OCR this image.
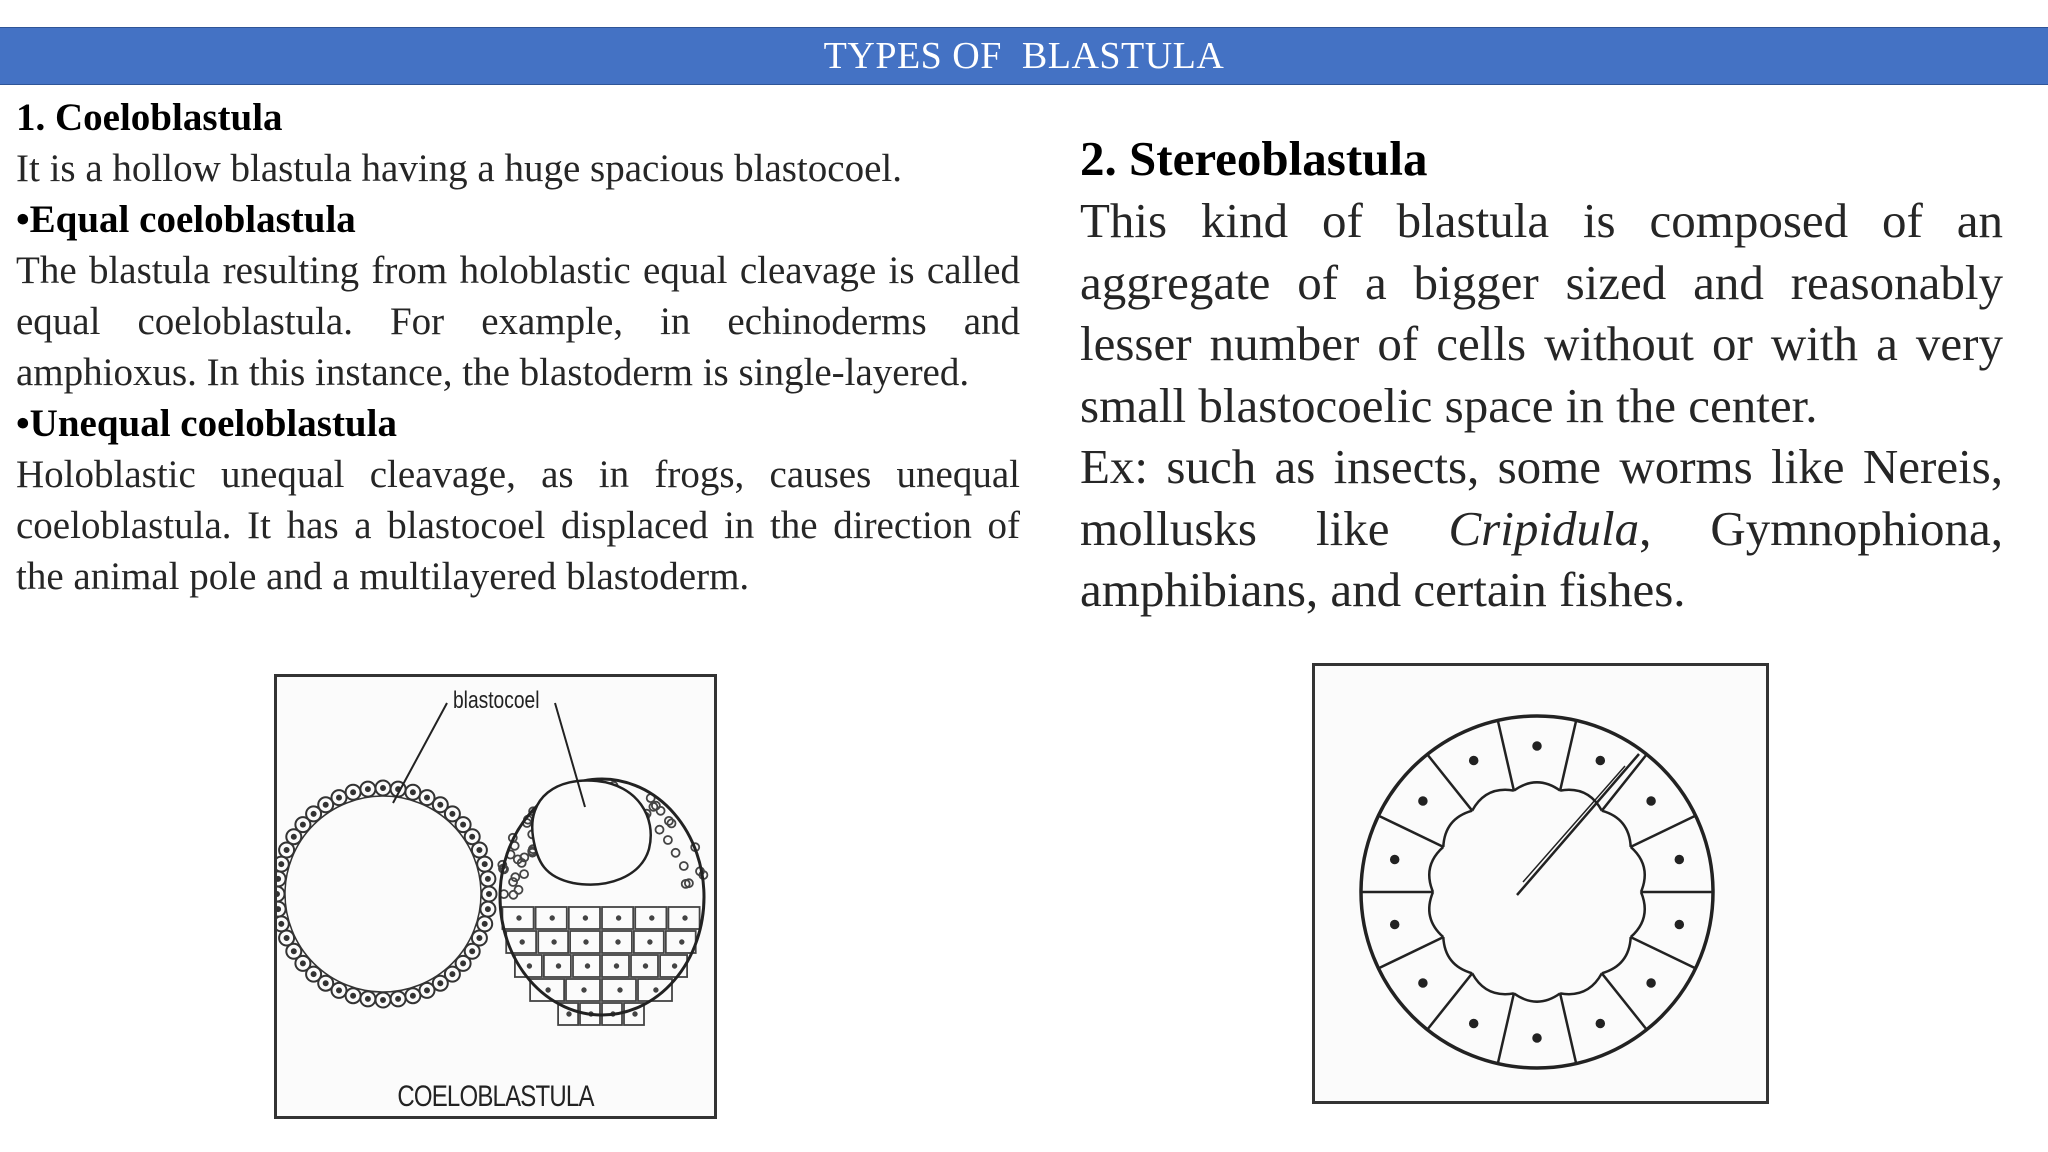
TYPES OF  BLASTULA

1. Coeloblastula

It is a hollow blastula having a huge spacious blastocoel.

•Equal coeloblastula

The blastula resulting from holoblastic equal cleavage is called equal coeloblastula. For example, in echinoderms and amphioxus. In this instance, the blastoderm is single-layered.

•Unequal coeloblastula

Holoblastic unequal cleavage, as in frogs, causes unequal coeloblastula. It has a blastocoel displaced in the direction of the animal pole and a multilayered blastoderm.

2. Stereoblastula

This kind of blastula is composed of an aggregate of a bigger sized and reasonably lesser number of cells without or with a very small blastocoelic space in the center.

Ex: such as insects, some worms like Nereis, mollusks like Cripidula, Gymnophiona, amphibians, and certain fishes.

blastocoel
COELOBLASTULA
